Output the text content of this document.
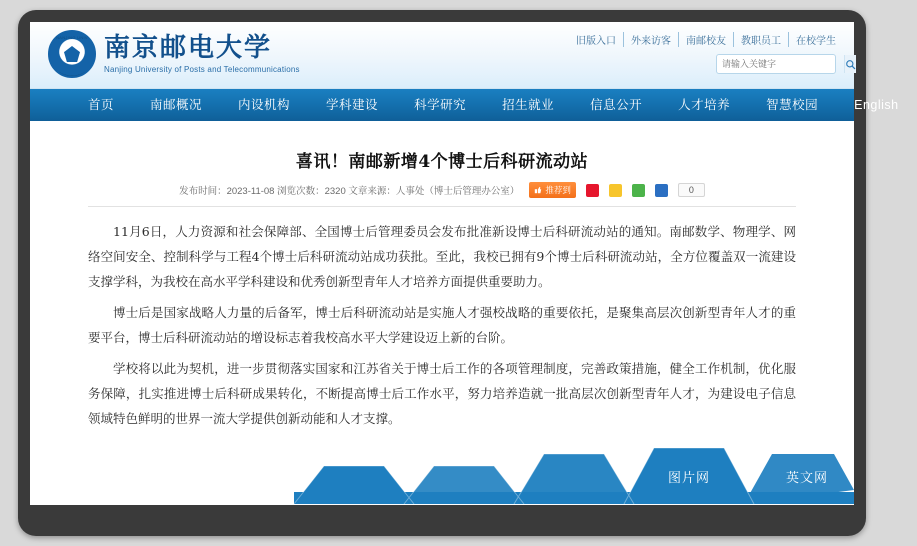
NANJING UNIV 南京邮电大学
Nanjing University of Posts and Telecommunications
旧版入口	外来访客	南邮校友	教职员工	在校学生
请输入关键字
首页	南邮概况	内设机构	学科建设	科学研究	招生就业	信息公开	人才培养	智慧校园	English
喜讯！南邮新增4个博士后科研流动站
发布时间：2023-11-08 浏览次数：2320 文章来源：人事处（博士后管理办公室）	推荐到	0

11月6日，人力资源和社会保障部、全国博士后管理委员会发布批准新设博士后科研流动站的通知。南邮数学、物理学、网络空间安全、控制科学与工程4个博士后科研流动站成功获批。至此，我校已拥有9个博士后科研流动站，全方位覆盖双一流建设支撑学科，为我校在高水平学科建设和优秀创新型青年人才培养方面提供重要助力。

博士后是国家战略人力量的后备军，博士后科研流动站是实施人才强校战略的重要依托，是聚集高层次创新型青年人才的重要平台，博士后科研流动站的增设标志着我校高水平大学建设迈上新的台阶。

学校将以此为契机，进一步贯彻落实国家和江苏省关于博士后工作的各项管理制度，完善政策措施，健全工作机制，优化服务保障，扎实推进博士后科研成果转化，不断提高博士后工作水平，努力培养造就一批高层次创新型青年人才，为建设电子信息领域特色鲜明的世界一流大学提供创新动能和人才支撑。

+
图片网	英文网
